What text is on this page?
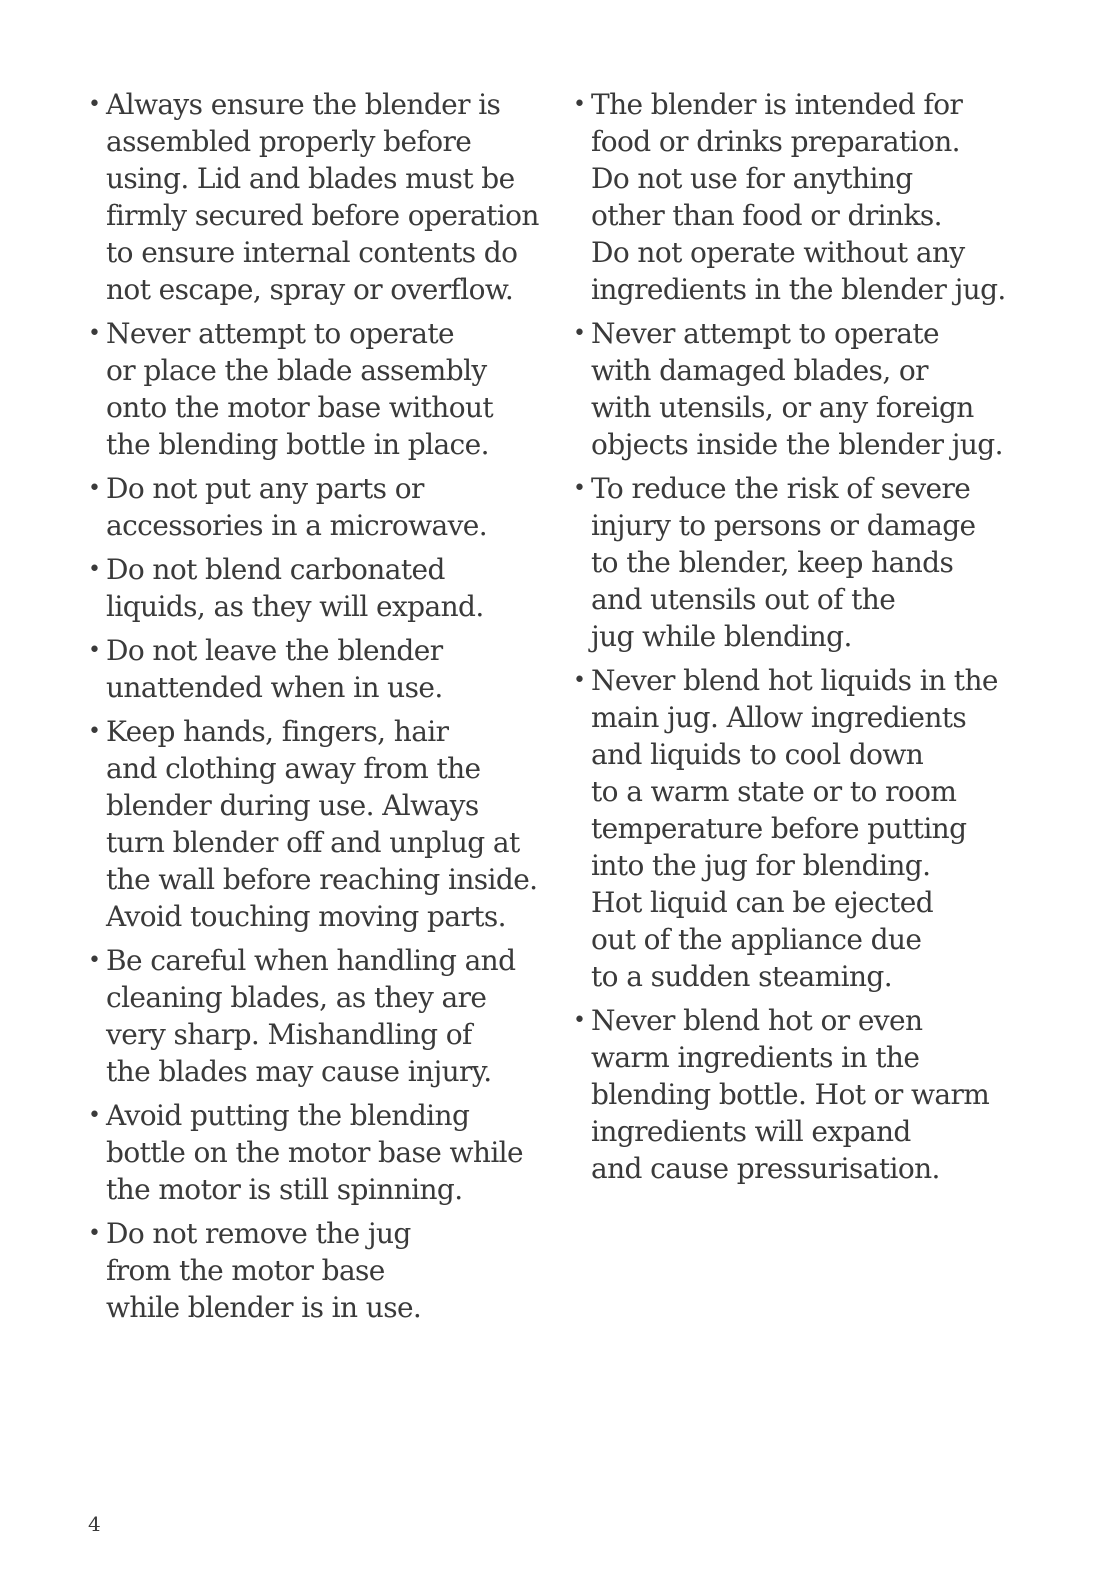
• Always ensure the blender is
assembled properly before
using. Lid and blades must be
firmly secured before operation
to ensure internal contents do
not escape, spray or overflow.
• Never attempt to operate
or place the blade assembly
onto the motor base without
the blending bottle in place.
• Do not put any parts or
accessories in a microwave.
• Do not blend carbonated
liquids, as they will expand.
• Do not leave the blender
unattended when in use.
• Keep hands, fingers, hair
and clothing away from the
blender during use. Always
turn blender off and unplug at
the wall before reaching inside.
Avoid touching moving parts.
• Be careful when handling and
cleaning blades, as they are
very sharp. Mishandling of
the blades may cause injury.
• Avoid putting the blending
bottle on the motor base while
the motor is still spinning.
• Do not remove the jug
from the motor base
while blender is in use.
• The blender is intended for
food or drinks preparation.
Do not use for anything
other than food or drinks.
Do not operate without any
ingredients in the blender jug.
• Never attempt to operate
with damaged blades, or
with utensils, or any foreign
objects inside the blender jug.
• To reduce the risk of severe
injury to persons or damage
to the blender, keep hands
and utensils out of the
jug while blending.
• Never blend hot liquids in the
main jug. Allow ingredients
and liquids to cool down
to a warm state or to room
temperature before putting
into the jug for blending.
Hot liquid can be ejected
out of the appliance due
to a sudden steaming.
• Never blend hot or even
warm ingredients in the
blending bottle. Hot or warm
ingredients will expand
and cause pressurisation.
4
